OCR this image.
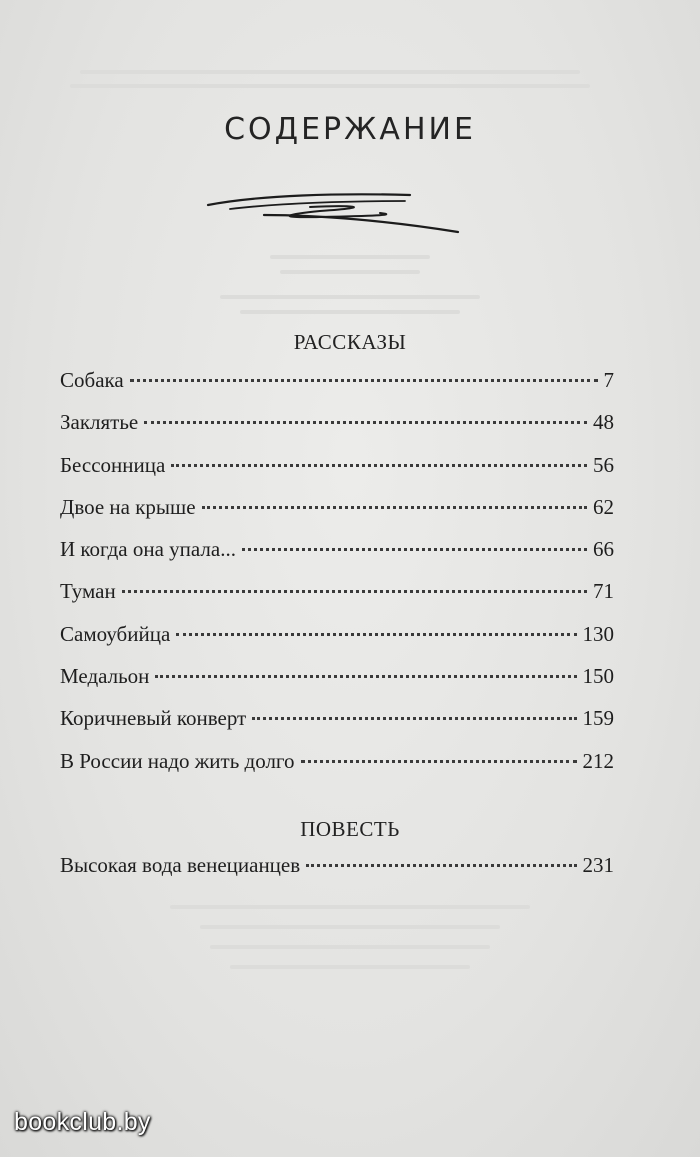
СОДЕРЖАНИЕ
РАССКАЗЫ
Собака	7
Заклятье	48
Бессонница	56
Двое на крыше	62
И когда она упала...	66
Туман	71
Самоубийца	130
Медальон	150
Коричневый конверт	159
В России надо жить долго	212
ПОВЕСТЬ
Высокая вода венецианцев	231
bookclub.by
